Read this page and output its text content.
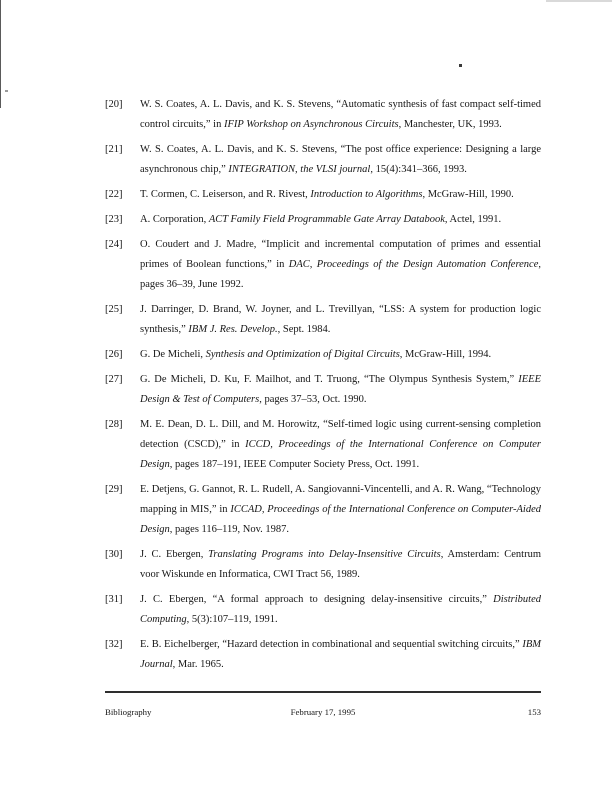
[20]	W. S. Coates, A. L. Davis, and K. S. Stevens, “Automatic synthesis of fast compact self-timed control circuits,” in IFIP Workshop on Asynchronous Circuits, Manchester, UK, 1993.
[21]	W. S. Coates, A. L. Davis, and K. S. Stevens, “The post office experience: Designing a large asynchronous chip,” INTEGRATION, the VLSI journal, 15(4):341–366, 1993.
[22]	T. Cormen, C. Leiserson, and R. Rivest, Introduction to Algorithms, McGraw-Hill, 1990.
[23]	A. Corporation, ACT Family Field Programmable Gate Array Databook, Actel, 1991.
[24]	O. Coudert and J. Madre, “Implicit and incremental computation of primes and essential primes of Boolean functions,” in DAC, Proceedings of the Design Automation Conference, pages 36–39, June 1992.
[25]	J. Darringer, D. Brand, W. Joyner, and L. Trevillyan, “LSS: A system for production logic synthesis,” IBM J. Res. Develop., Sept. 1984.
[26]	G. De Micheli, Synthesis and Optimization of Digital Circuits, McGraw-Hill, 1994.
[27]	G. De Micheli, D. Ku, F. Mailhot, and T. Truong, “The Olympus Synthesis System,” IEEE Design & Test of Computers, pages 37–53, Oct. 1990.
[28]	M. E. Dean, D. L. Dill, and M. Horowitz, “Self-timed logic using current-sensing completion detection (CSCD),” in ICCD, Proceedings of the International Conference on Computer Design, pages 187–191, IEEE Computer Society Press, Oct. 1991.
[29]	E. Detjens, G. Gannot, R. L. Rudell, A. Sangiovanni-Vincentelli, and A. R. Wang, “Technology mapping in MIS,” in ICCAD, Proceedings of the International Conference on Computer-Aided Design, pages 116–119, Nov. 1987.
[30]	J. C. Ebergen, Translating Programs into Delay-Insensitive Circuits, Amsterdam: Centrum voor Wiskunde en Informatica, CWI Tract 56, 1989.
[31]	J. C. Ebergen, “A formal approach to designing delay-insensitive circuits,” Distributed Computing, 5(3):107–119, 1991.
[32]	E. B. Eichelberger, “Hazard detection in combinational and sequential switching circuits,” IBM Journal, Mar. 1965.
Bibliography	February 17, 1995	153
